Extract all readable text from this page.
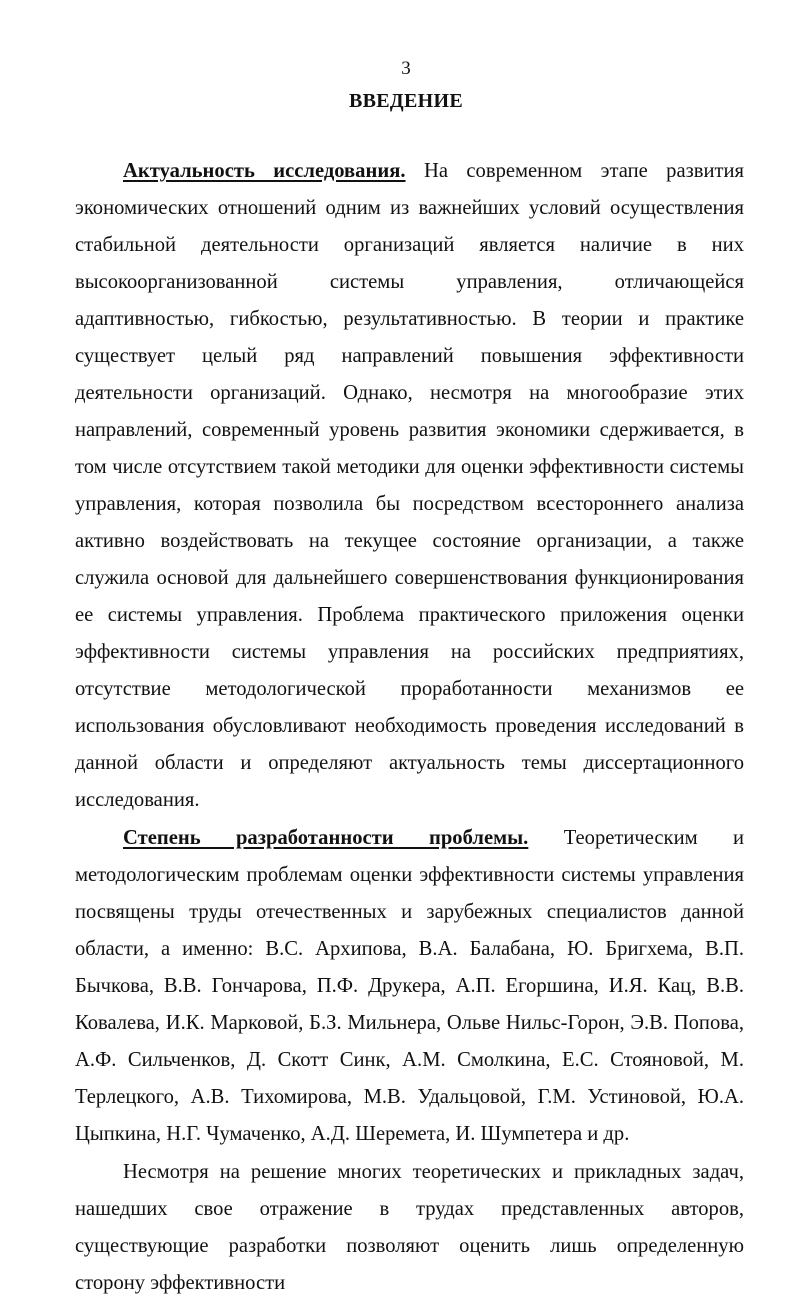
3
ВВЕДЕНИЕ

Актуальность исследования. На современном этапе развития экономических отношений одним из важнейших условий осуществления стабильной деятельности организаций является наличие в них высокоорганизованной системы управления, отличающейся адаптивностью, гибкостью, результативностью. В теории и практике существует целый ряд направлений повышения эффективности деятельности организаций. Однако, несмотря на многообразие этих направлений, современный уровень развития экономики сдерживается, в том числе отсутствием такой методики для оценки эффективности системы управления, которая позволила бы посредством всестороннего анализа активно воздействовать на текущее состояние организации, а также служила основой для дальнейшего совершенствования функционирования ее системы управления. Проблема практического приложения оценки эффективности системы управления на российских предприятиях, отсутствие методологической проработанности механизмов ее использования обусловливают необходимость проведения исследований в данной области и определяют актуальность темы диссертационного исследования.

Степень разработанности проблемы. Теоретическим и методологическим проблемам оценки эффективности системы управления посвящены труды отечественных и зарубежных специалистов данной области, а именно: В.С. Архипова, В.А. Балабана, Ю. Бригхема, В.П. Бычкова, В.В. Гончарова, П.Ф. Друкера, А.П. Егоршина, И.Я. Кац, В.В. Ковалева, И.К. Марковой, Б.З. Мильнера, Ольве Нильс-Горон, Э.В. Попова, А.Ф. Сильченков, Д. Скотт Синк, А.М. Смолкина, Е.С. Стояновой, М. Терлецкого, А.В. Тихомирова, М.В. Удальцовой, Г.М. Устиновой, Ю.А. Цыпкина, Н.Г. Чумаченко, А.Д. Шеремета, И. Шумпетера и др.

Несмотря на решение многих теоретических и прикладных задач, нашедших свое отражение в трудах представленных авторов, существующие разработки позволяют оценить лишь определенную сторону эффективности
